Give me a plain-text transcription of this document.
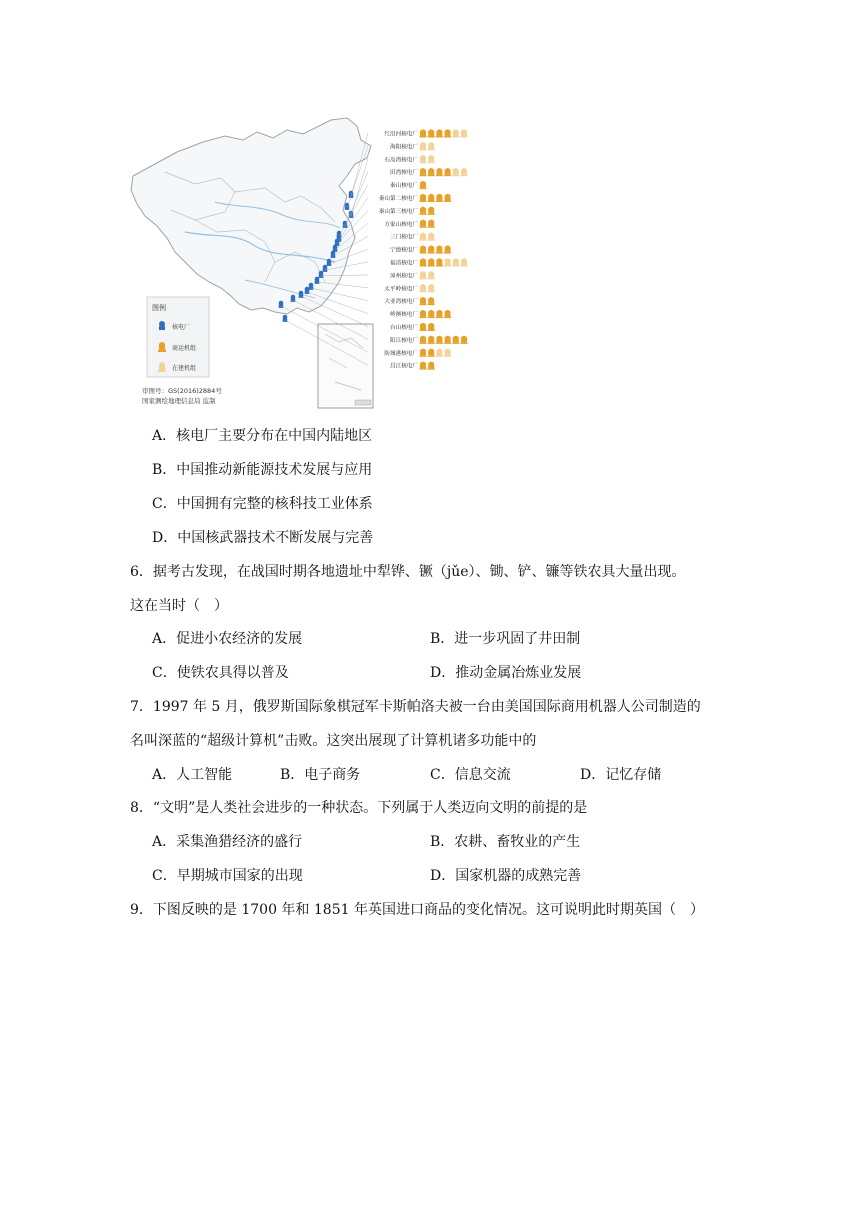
红沿河核电厂
海阳核电厂
石岛湾核电厂
田湾核电厂
秦山核电厂
秦山第二核电厂
秦山第三核电厂
方家山核电厂
三门核电厂
宁德核电厂
福清核电厂
漳州核电厂
太平岭核电厂
大亚湾核电厂
岭澳核电厂
台山核电厂
阳江核电厂
防城港核电厂
昌江核电厂
图例
核电厂
商运机组
在建机组
审图号：GS(2016)2884号
国家测绘地理信息局 监制
A．核电厂主要分布在中国内陆地区
B．中国推动新能源技术发展与应用
C．中国拥有完整的核科技工业体系
D．中国核武器技术不断发展与完善
6．据考古发现，在战国时期各地遗址中犁铧、镢（jǔe）、锄、铲、镰等铁农具大量出现。
这在当时（　）
A．促进小农经济的发展	B．进一步巩固了井田制
C．使铁农具得以普及	D．推动金属冶炼业发展
7．1997 年 5 月，俄罗斯国际象棋冠军卡斯帕洛夫被一台由美国国际商用机器人公司制造的
名叫深蓝的“超级计算机”击败。这突出展现了计算机诸多功能中的
A．人工智能	B．电子商务	C．信息交流	D．记忆存储
8．“文明”是人类社会进步的一种状态。下列属于人类迈向文明的前提的是
A．采集渔猎经济的盛行	B．农耕、畜牧业的产生
C．早期城市国家的出现	D．国家机器的成熟完善
9．下图反映的是 1700 年和 1851 年英国进口商品的变化情况。这可说明此时期英国（　）
